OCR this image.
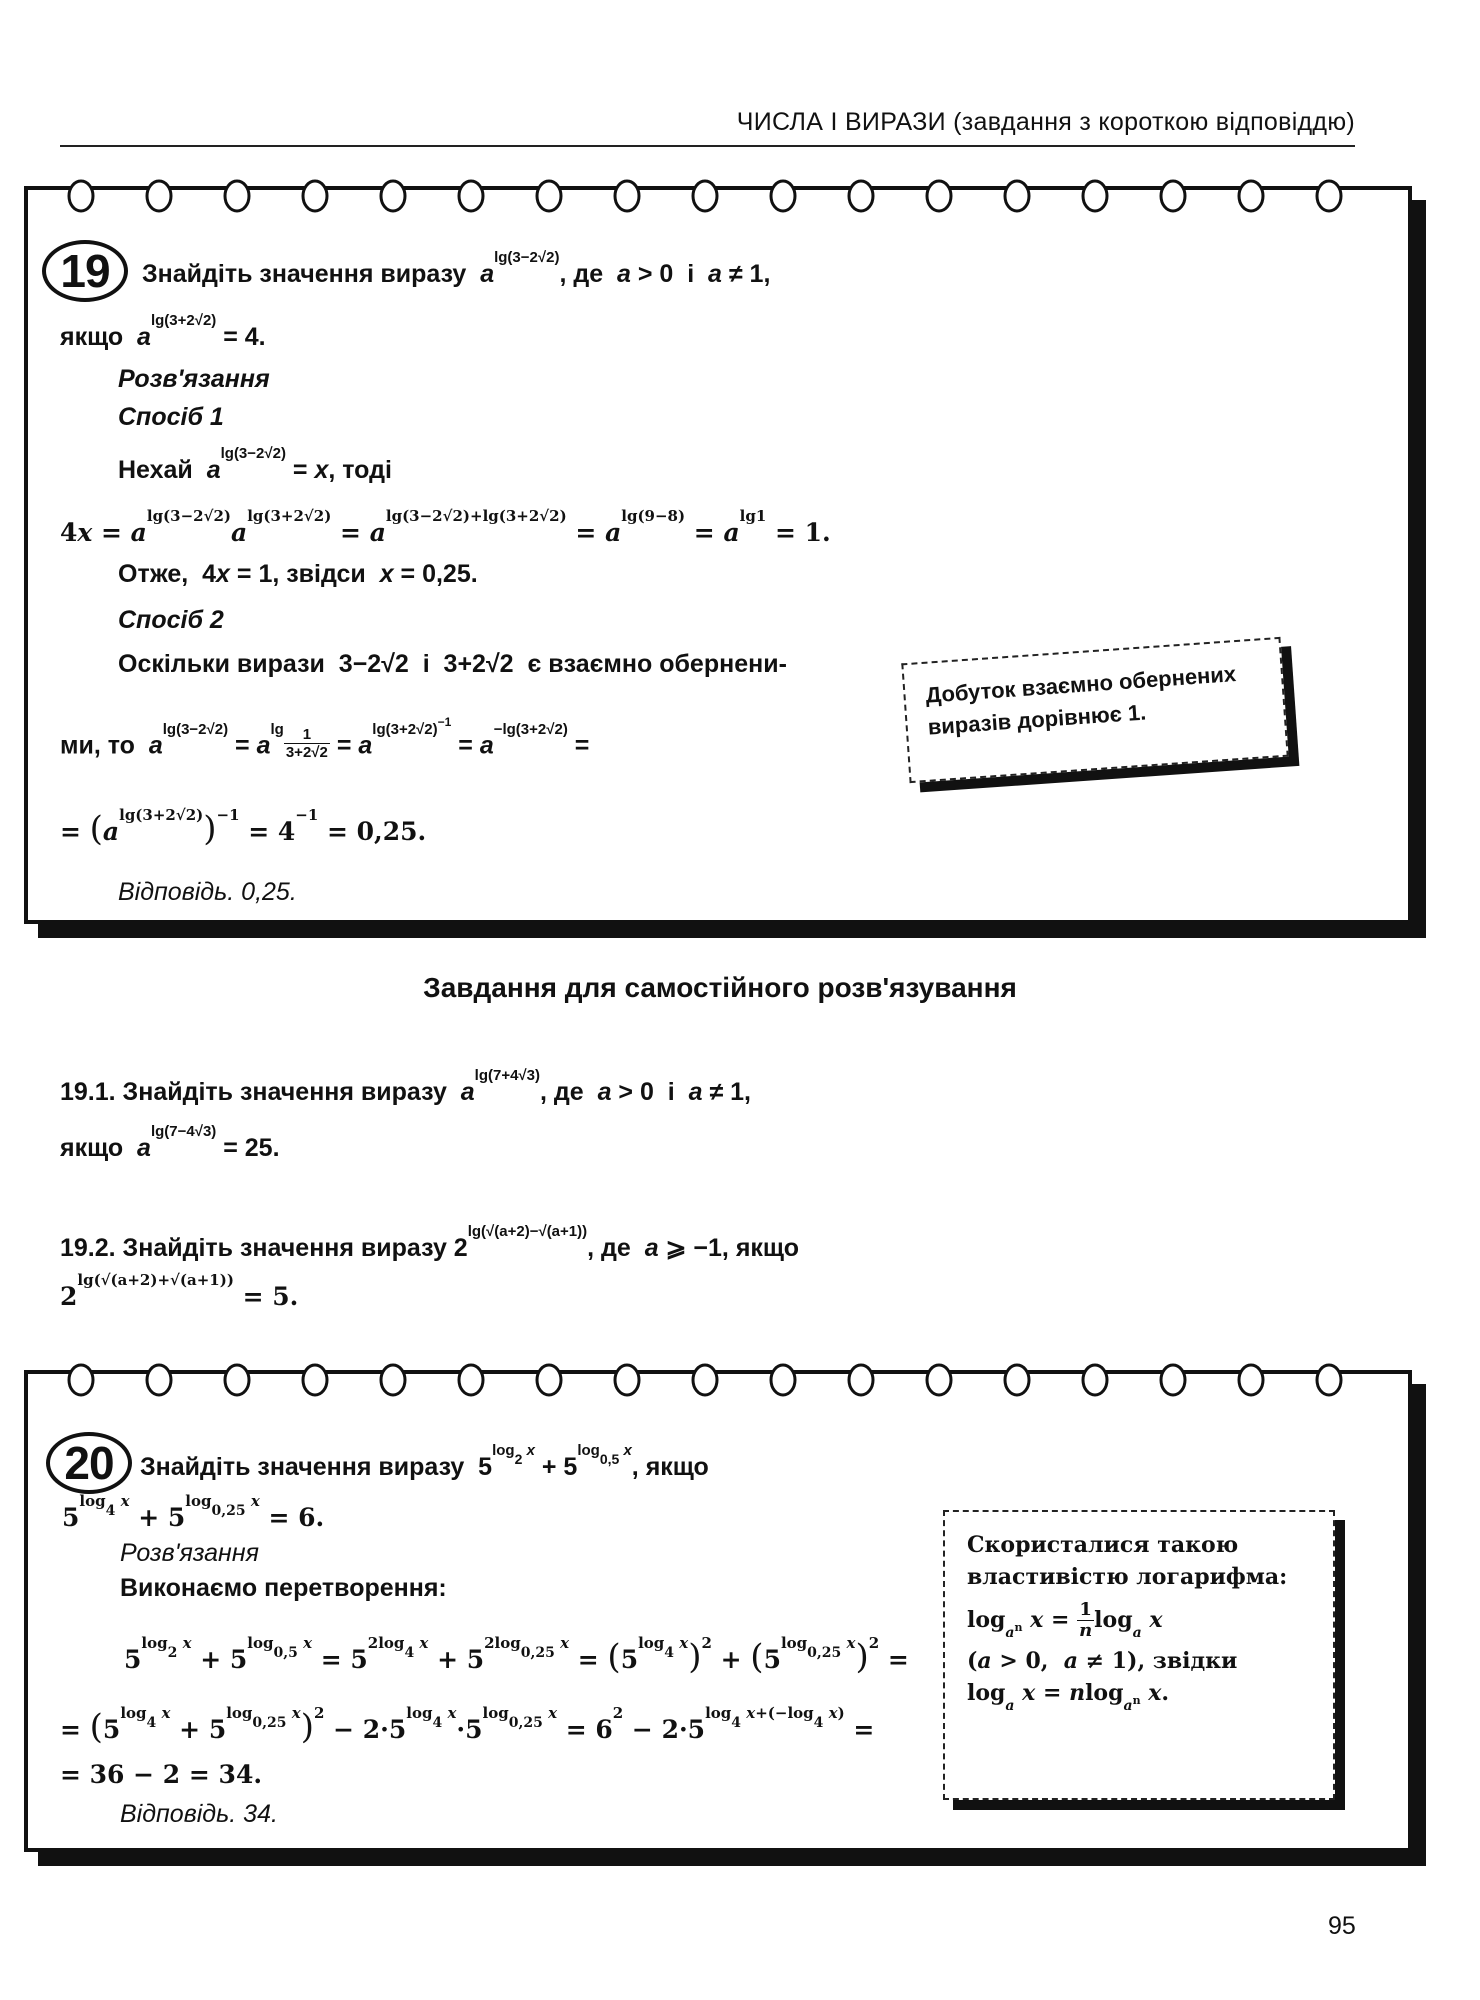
ЧИСЛА І ВИРАЗИ (завдання з короткою відповіддю)
19	Знайдіть значення виразу  $a^{lg(3-2√2)}$, де  a > 0  і  a ≠ 1,
якщо  $a^{lg(3+2√2)} = 4$.
Розв'язання
Спосіб 1
Нехай  $a^{lg(3-2√2)} = x$, тоді
$4x = a^{lg(3-2√2)}a^{lg(3+2√2)} = a^{lg(3-2√2)+lg(3+2√2)} = a^{lg(9-8)} = a^{lg1} = 1$.
Отже,  4x = 1, звідси  x = 0,25.
Спосіб 2
Оскільки вирази  3−2√2  і  3+2√2  є взаємно обернени-
ми, то  $a^{lg(3-2√2)} = a^{lg \frac{1}{3+2√2}} = a^{lg(3+2√2)^{-1}} = a^{-lg(3+2√2)}$ =
= $(a^{lg(3+2√2)})^{-1} = 4^{-1} = 0,25$.
Відповідь. 0,25.
Добуток взаємно обернених виразів дорівнює 1.
Завдання для самостійного розв'язування
19.1. Знайдіть значення виразу  $a^{lg(7+4√3)}$, де  a > 0  і  a ≠ 1,
якщо  $a^{lg(7-4√3)} = 25$.
19.2. Знайдіть значення виразу $2^{lg(√(a+2)-√(a+1))}$, де  a ⩾ −1, якщо
$2^{lg(√(a+2)+√(a+1))} = 5$.
20	Знайдіть значення виразу  $5^{log_2 x} + 5^{log_{0,5} x}$, якщо
$5^{log_4 x} + 5^{log_{0,25} x} = 6$.
Розв'язання
Виконаємо перетворення:
$5^{log_2 x} + 5^{log_{0,5} x} = 5^{2log_4 x} + 5^{2log_{0,25} x} = (5^{log_4 x})^2 + (5^{log_{0,25} x})^2$ =
= $(5^{log_4 x} + 5^{log_{0,25} x})^2 - 2\cdot 5^{log_4 x}\cdot 5^{log_{0,25} x} = 6^2 - 2\cdot 5^{log_4 x+(-log_4 x)}$ =
= 36 − 2 = 34.
Відповідь. 34.
Скористалися такою
властивістю логарифма:
$\log_{a^n} x = \frac{1}{n} \log_a x$
(a > 0,  a ≠ 1), звідки
$\log_a x = nlog_{a^n}$ x.
95
